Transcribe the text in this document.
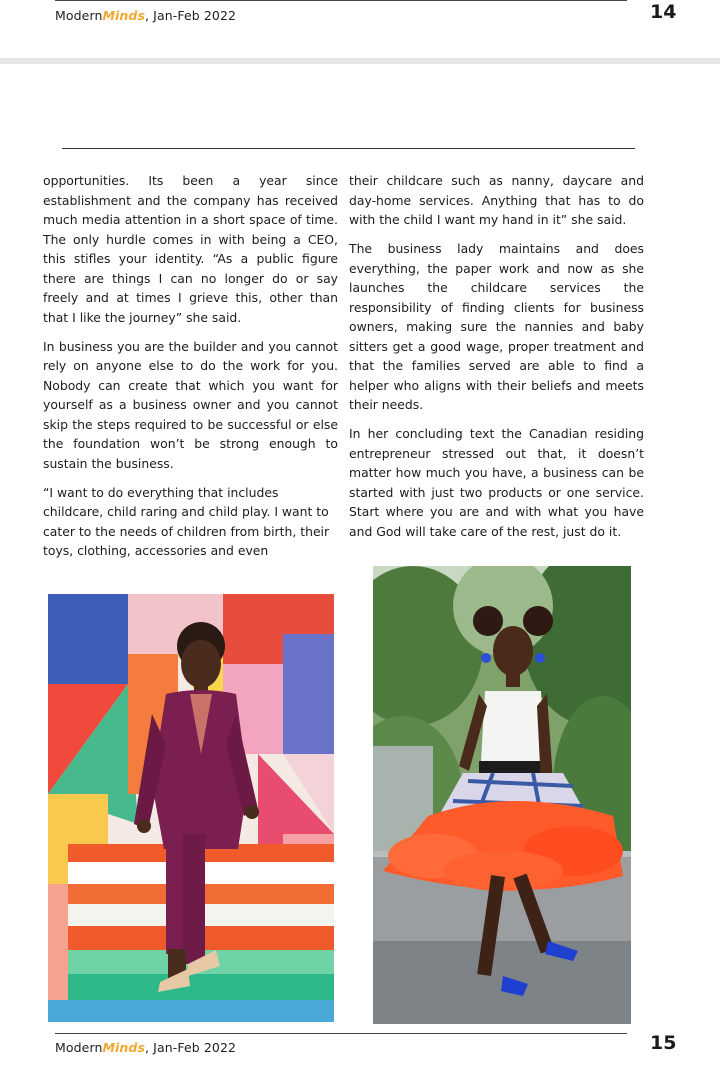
ModernMinds, Jan-Feb 2022	14

opportunities. Its been a year since establishment and the company has received much media attention in a short space of time. The only hurdle comes in with being a CEO, this stifles your identity. “As a public figure there are things I can no longer do or say freely and at times I grieve this, other than that I like the journey” she said.

In business you are the builder and you cannot rely on anyone else to do the work for you. Nobody can create that which you want for yourself as a business owner and you cannot skip the steps required to be successful or else the foundation won’t be strong enough to sustain the business.

“I want to do everything that includes childcare, child raring and child play. I want to cater to the needs of children from birth, their toys, clothing, accessories and even

their childcare such as nanny, daycare and day-home services. Anything that has to do with the child I want my hand in it” she said.

The business lady maintains and does everything, the paper work and now as she launches the childcare services the responsibility of finding clients for business owners, making sure the nannies and baby sitters get a good wage, proper treatment and that the families served are able to find a helper who aligns with their beliefs and meets their needs.

In her concluding text the Canadian residing entrepreneur stressed out that, it doesn’t matter how much you have, a business can be started with just two products or one service. Start where you are and with what you have and God will take care of the rest, just do it.

ModernMinds, Jan-Feb 2022	15
